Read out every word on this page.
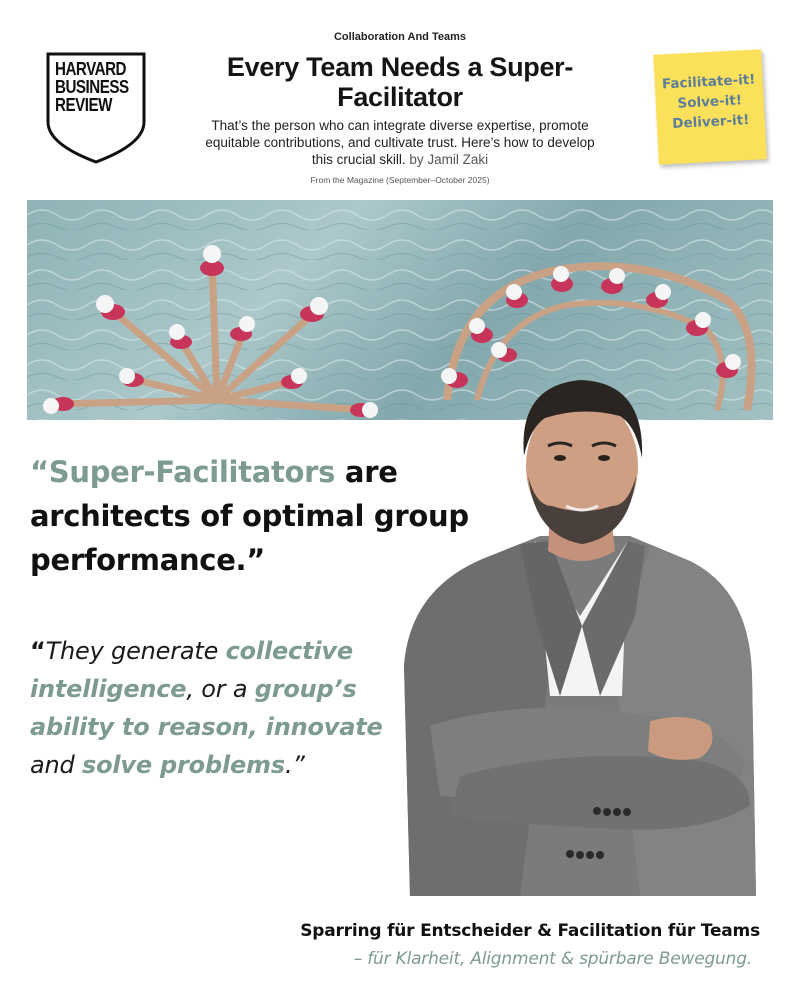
HARVARD
BUSINESS
REVIEW
Collaboration And Teams
Every Team Needs a Super-Facilitator
That’s the person who can integrate diverse expertise, promote equitable contributions, and cultivate trust. Here’s how to develop this crucial skill. by Jamil Zaki
From the Magazine (September–October 2025)
Facilitate-it!
Solve-it!
Deliver-it!
“Super-Facilitators are architects of optimal group performance.”
“They generate collective intelligence, or a group’s ability to reason, innovate and solve problems.”
Sparring für Entscheider & Facilitation für Teams
– für Klarheit, Alignment & spürbare Bewegung.
